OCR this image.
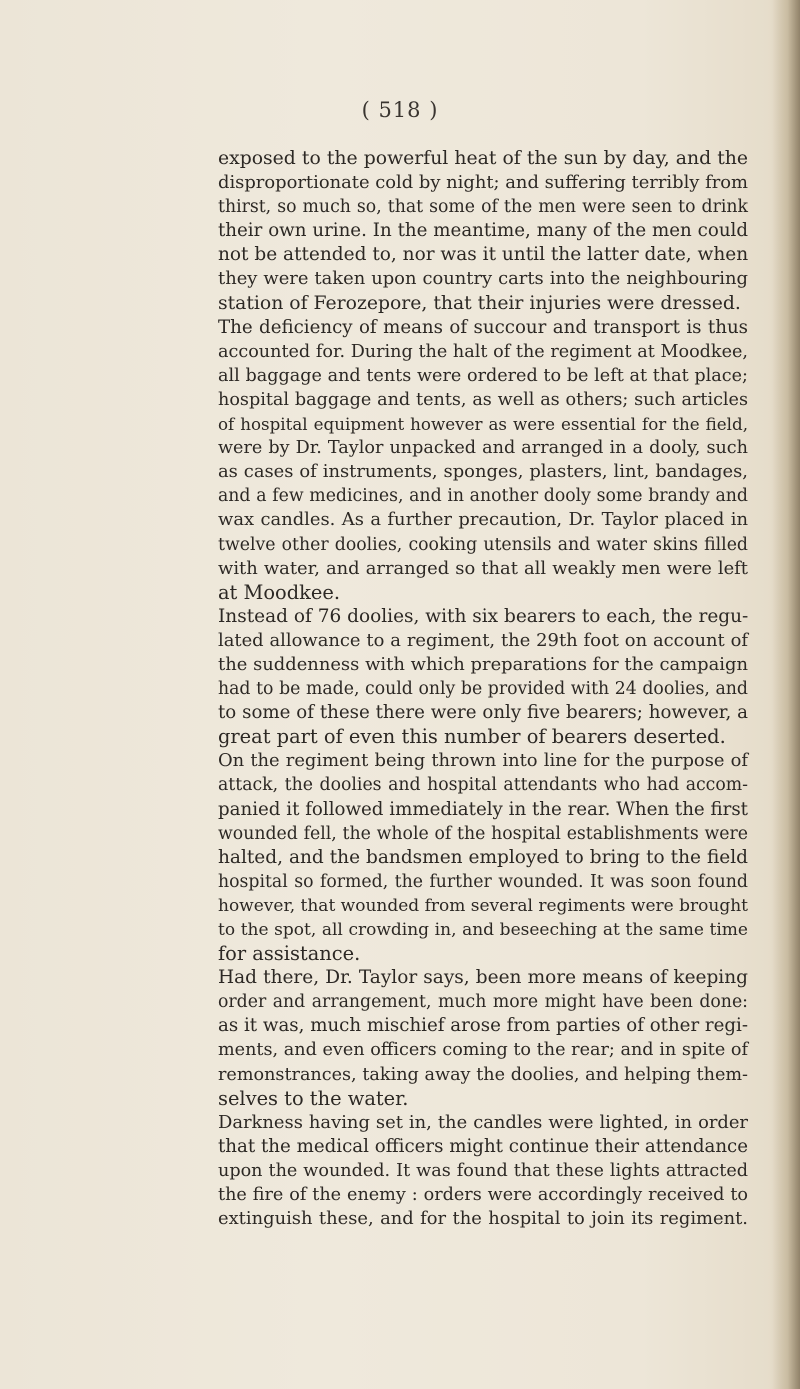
( 518 )
exposed to the powerful heat of the sun by day, and the
disproportionate cold by night; and suffering terribly from
thirst, so much so, that some of the men were seen to drink
their own urine. In the meantime, many of the men could
not be attended to, nor was it until the latter date, when
they were taken upon country carts into the neighbouring
station of Ferozepore, that their injuries were dressed.
The deficiency of means of succour and transport is thus
accounted for. During the halt of the regiment at Moodkee,
all baggage and tents were ordered to be left at that place;
hospital baggage and tents, as well as others; such articles
of hospital equipment however as were essential for the field,
were by Dr. Taylor unpacked and arranged in a dooly, such
as cases of instruments, sponges, plasters, lint, bandages,
and a few medicines, and in another dooly some brandy and
wax candles. As a further precaution, Dr. Taylor placed in
twelve other doolies, cooking utensils and water skins filled
with water, and arranged so that all weakly men were left
at Moodkee.
Instead of 76 doolies, with six bearers to each, the regu-
lated allowance to a regiment, the 29th foot on account of
the suddenness with which preparations for the campaign
had to be made, could only be provided with 24 doolies, and
to some of these there were only five bearers; however, a
great part of even this number of bearers deserted.
On the regiment being thrown into line for the purpose of
attack, the doolies and hospital attendants who had accom-
panied it followed immediately in the rear. When the first
wounded fell, the whole of the hospital establishments were
halted, and the bandsmen employed to bring to the field
hospital so formed, the further wounded. It was soon found
however, that wounded from several regiments were brought
to the spot, all crowding in, and beseeching at the same time
for assistance.
Had there, Dr. Taylor says, been more means of keeping
order and arrangement, much more might have been done:
as it was, much mischief arose from parties of other regi-
ments, and even officers coming to the rear; and in spite of
remonstrances, taking away the doolies, and helping them-
selves to the water.
Darkness having set in, the candles were lighted, in order
that the medical officers might continue their attendance
upon the wounded. It was found that these lights attracted
the fire of the enemy : orders were accordingly received to
extinguish these, and for the hospital to join its regiment.
